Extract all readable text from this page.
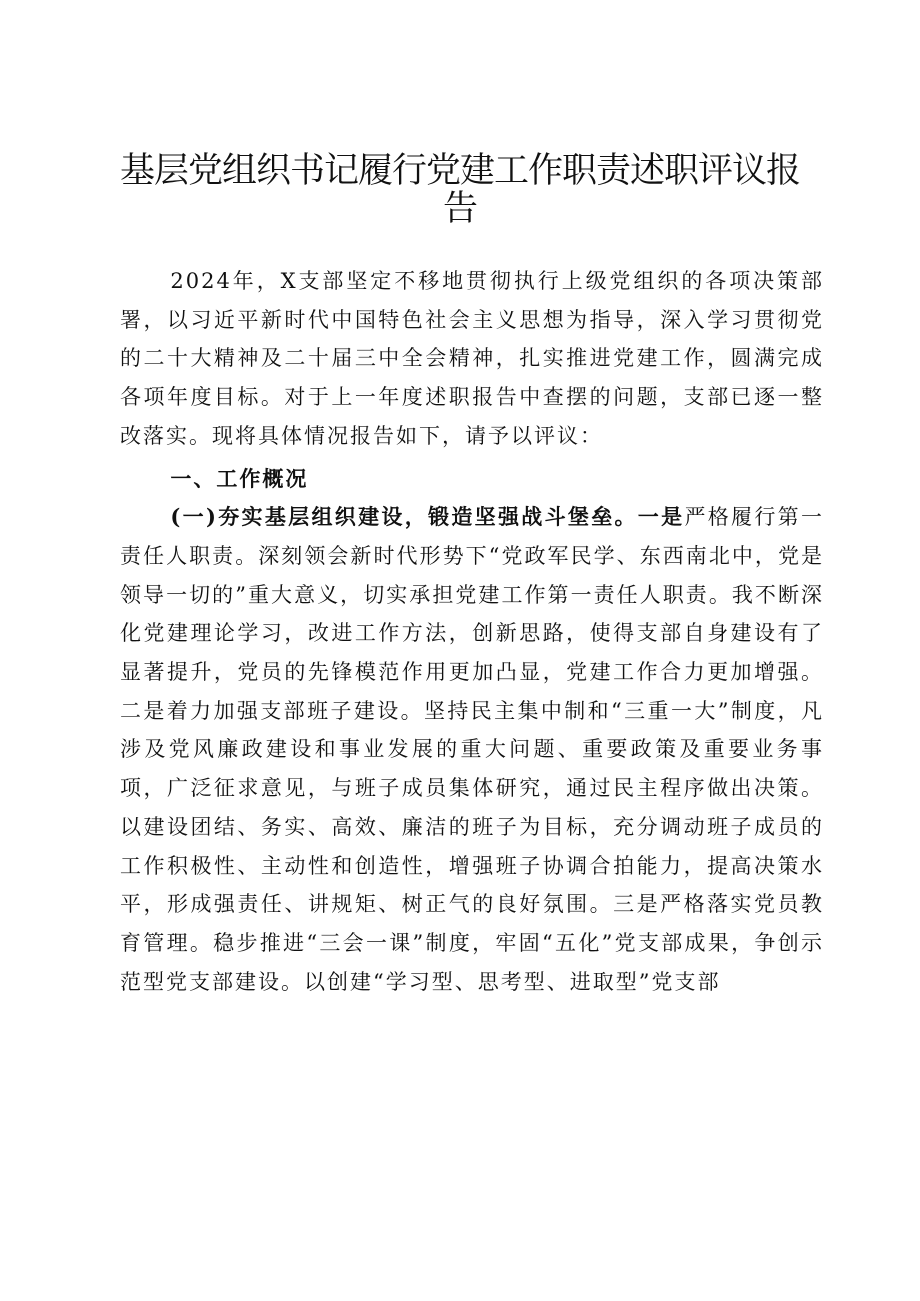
基层党组织书记履行党建工作职责述职评议报告

2024年，X支部坚定不移地贯彻执行上级党组织的各项决策部署，以习近平新时代中国特色社会主义思想为指导，深入学习贯彻党的二十大精神及二十届三中全会精神，扎实推进党建工作，圆满完成各项年度目标。对于上一年度述职报告中查摆的问题，支部已逐一整改落实。现将具体情况报告如下，请予以评议：

一、工作概况

(一)夯实基层组织建设，锻造坚强战斗堡垒。一是严格履行第一责任人职责。深刻领会新时代形势下“党政军民学、东西南北中，党是领导一切的”重大意义，切实承担党建工作第一责任人职责。我不断深化党建理论学习，改进工作方法，创新思路，使得支部自身建设有了显著提升，党员的先锋模范作用更加凸显，党建工作合力更加增强。二是着力加强支部班子建设。坚持民主集中制和“三重一大”制度，凡涉及党风廉政建设和事业发展的重大问题、重要政策及重要业务事项，广泛征求意见，与班子成员集体研究，通过民主程序做出决策。以建设团结、务实、高效、廉洁的班子为目标，充分调动班子成员的工作积极性、主动性和创造性，增强班子协调合拍能力，提高决策水平，形成强责任、讲规矩、树正气的良好氛围。三是严格落实党员教育管理。稳步推进“三会一课”制度，牢固“五化”党支部成果，争创示范型党支部建设。以创建“学习型、思考型、进取型”党支部
